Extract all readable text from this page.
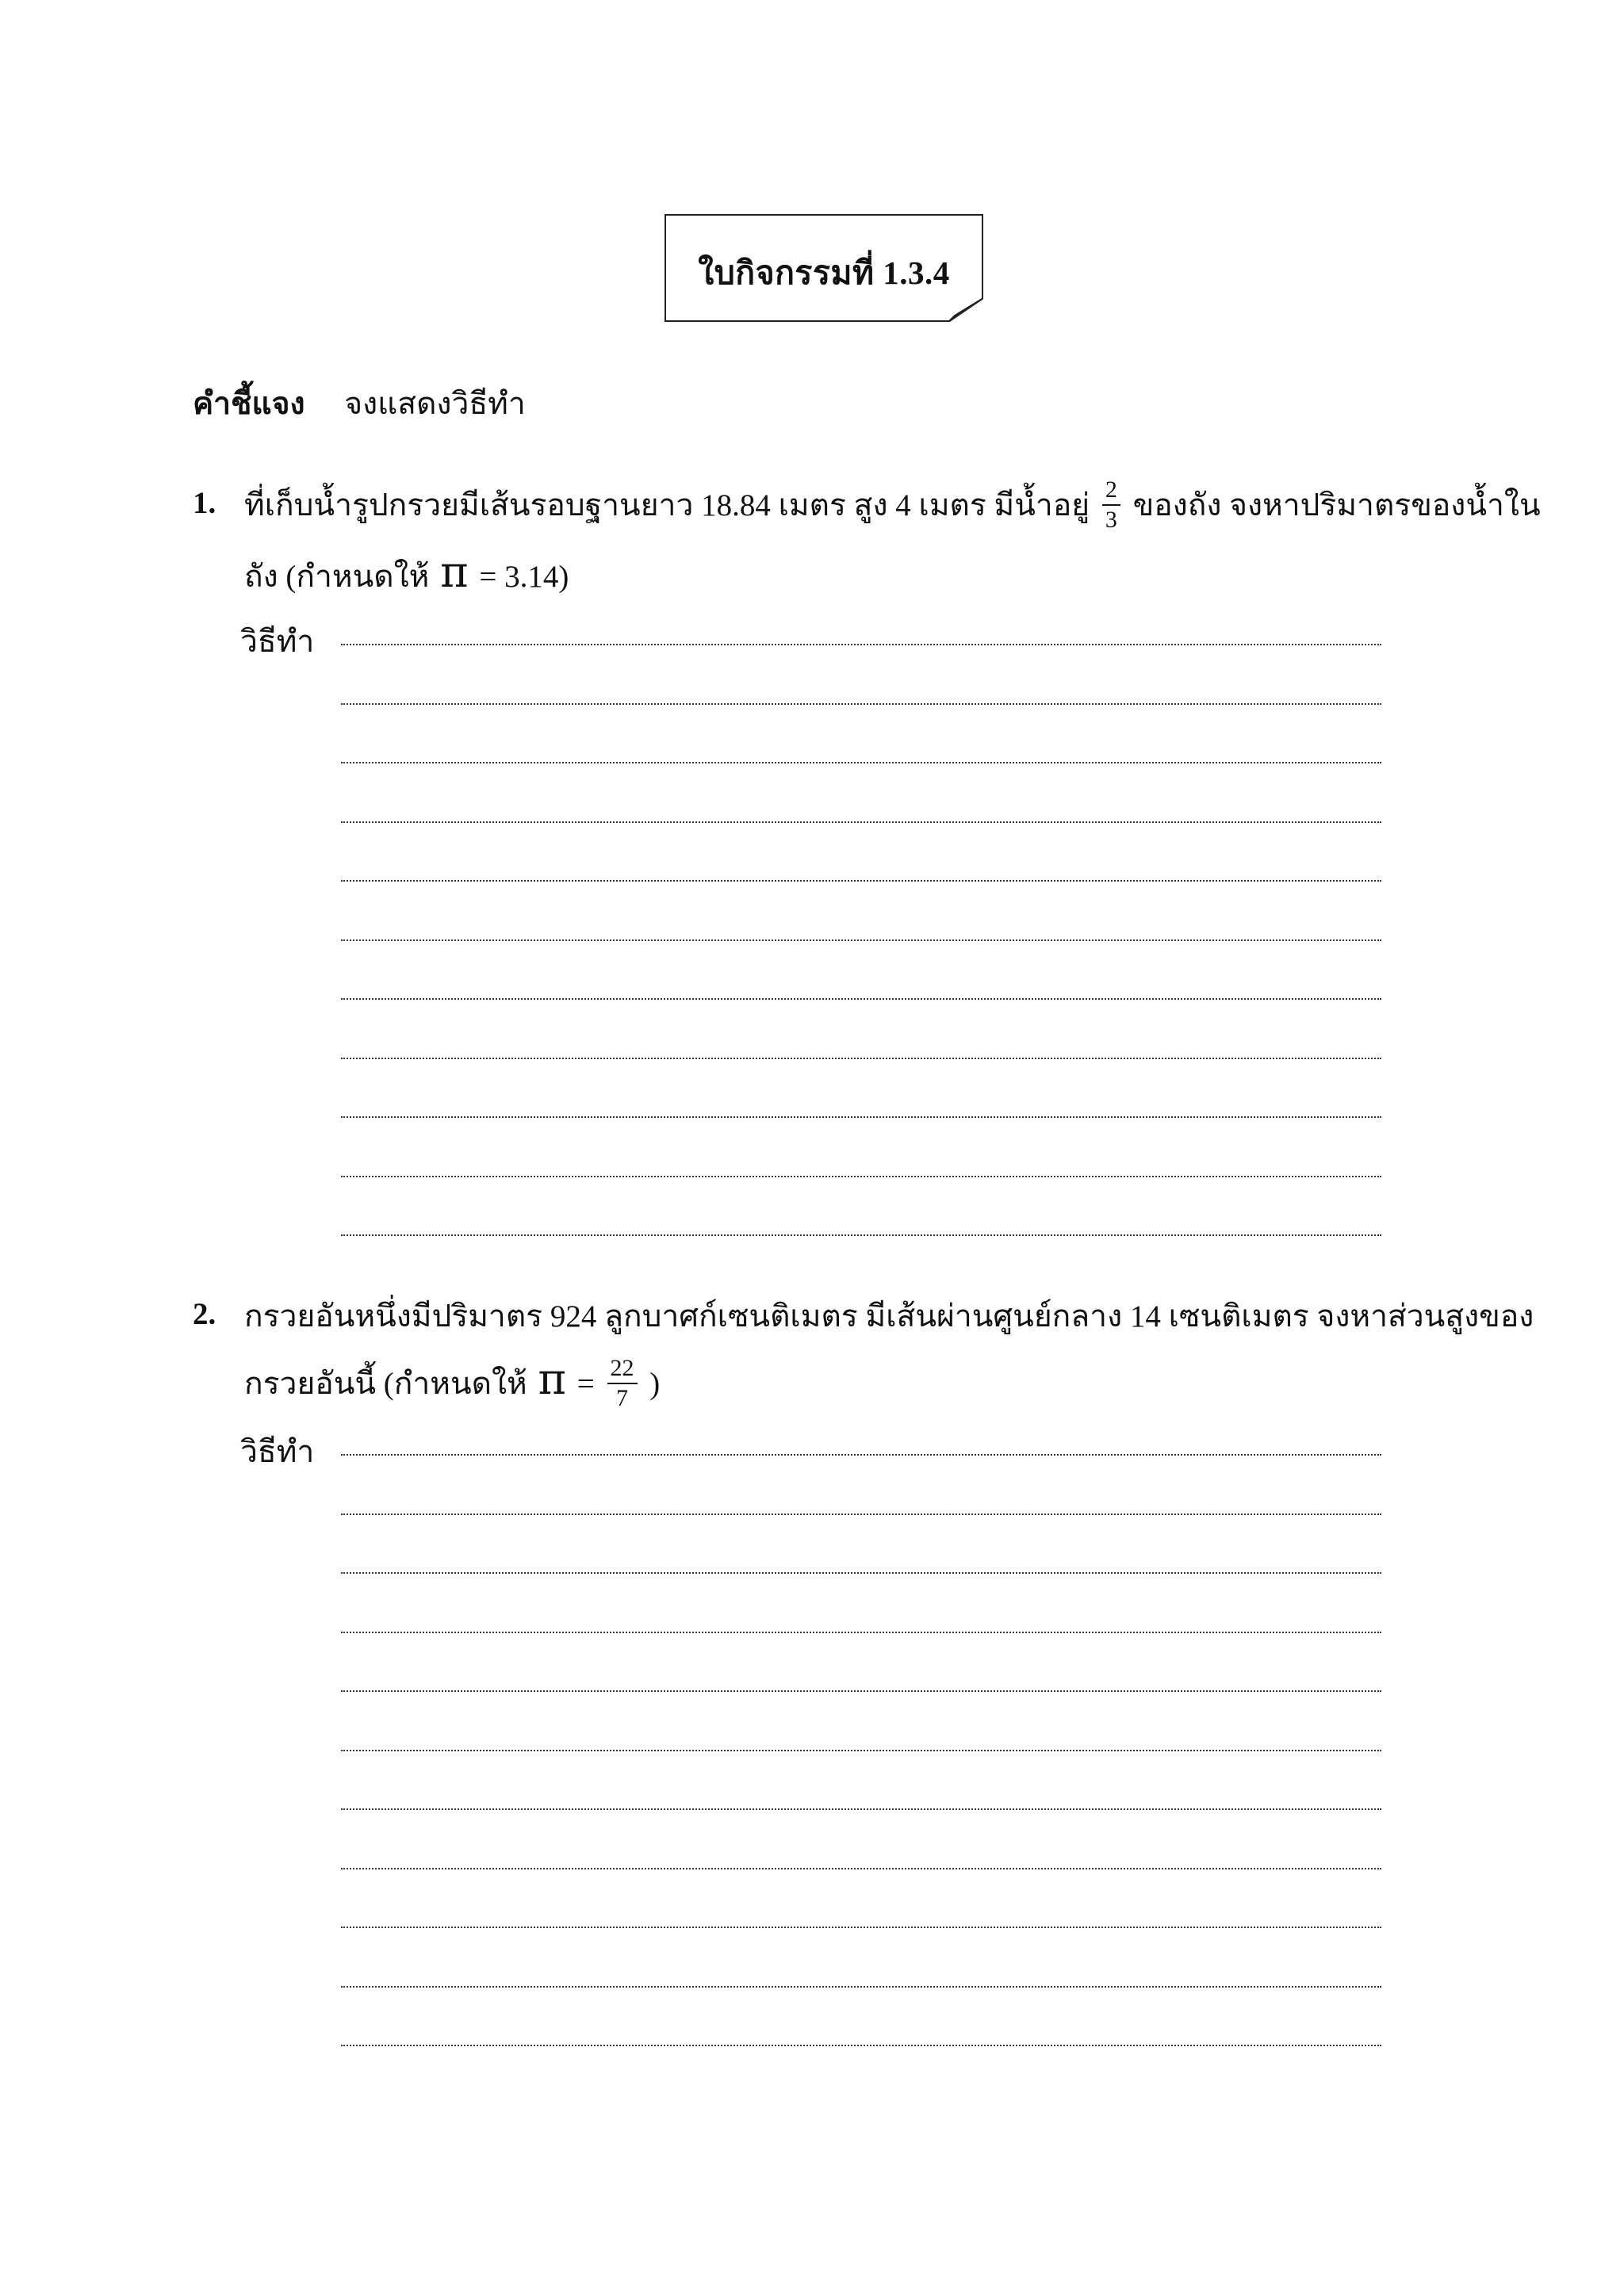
ใบกิจกรรมที่ 1.3.4
คำชี้แจง จงแสดงวิธีทำ
1. ที่เก็บน้ำรูปกรวยมีเส้นรอบฐานยาว 18.84 เมตร สูง 4 เมตร มีน้ำอยู่ $\frac{2}{3}$ ของถัง จงหาปริมาตรของน้ำใน
ถัง (กำหนดให้ π = 3.14)
วิธีทำ
2. กรวยอันหนึ่งมีปริมาตร 924 ลูกบาศก์เซนติเมตร มีเส้นผ่านศูนย์กลาง 14 เซนติเมตร จงหาส่วนสูงของ
กรวยอันนี้ (กำหนดให้ $\pi = \frac{22}{7}$ )
วิธีทำ
